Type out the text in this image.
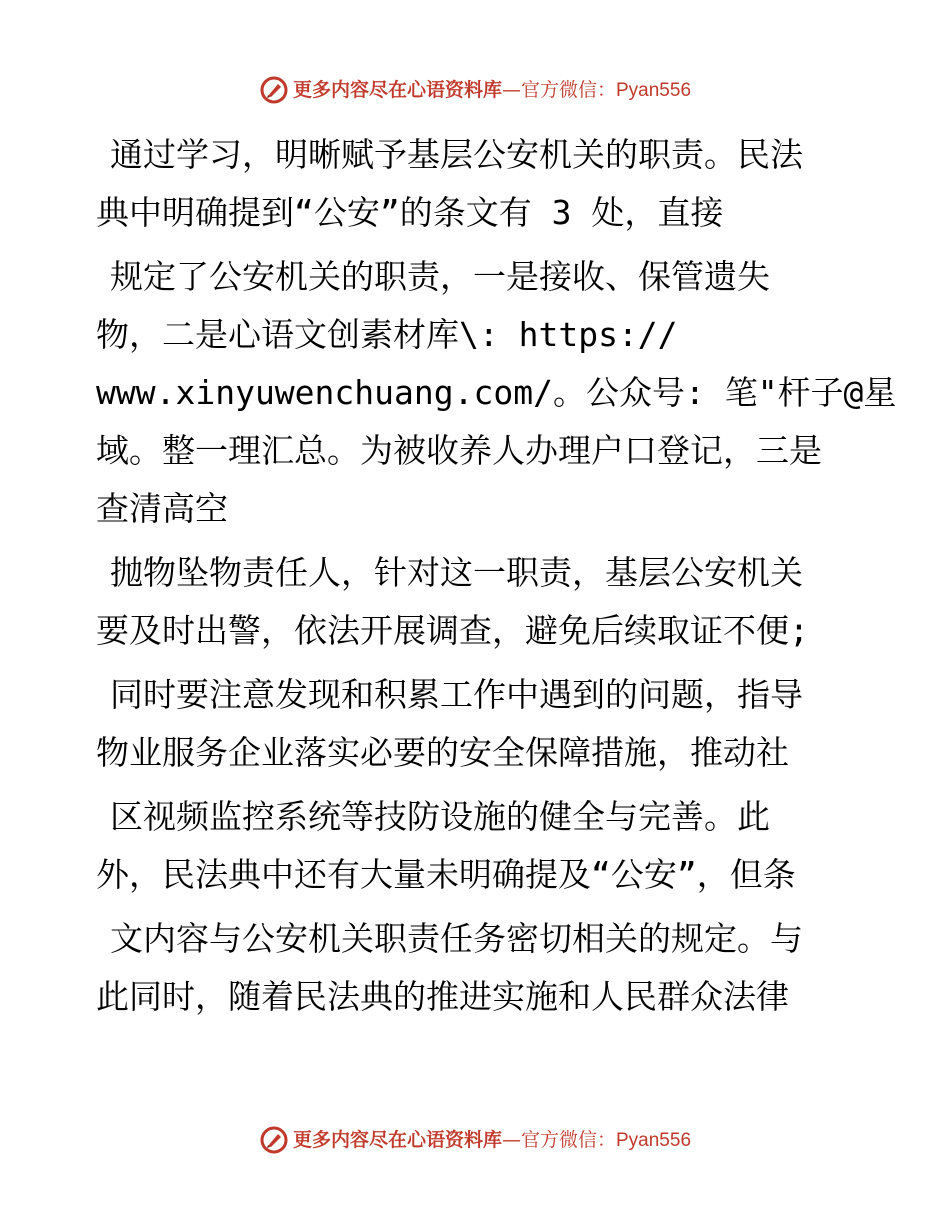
更多内容尽在心语资料库 — 官方微信： Pyan556
通过学习，明晰赋予基层公安机关的职责。民法
典中明确提到“公安”的条文有 3 处，直接
规定了公安机关的职责，一是接收、保管遗失
物，二是心语文创素材库\: https://
www.xinyuwenchuang.com/。公众号: 笔"杆子@星
域。整一理汇总。为被收养人办理户口登记，三是
查清高空
抛物坠物责任人，针对这一职责，基层公安机关
要及时出警，依法开展调查，避免后续取证不便;
同时要注意发现和积累工作中遇到的问题，指导
物业服务企业落实必要的安全保障措施，推动社
区视频监控系统等技防设施的健全与完善。此
外，民法典中还有大量未明确提及“公安”，但条
文内容与公安机关职责任务密切相关的规定。与
此同时，随着民法典的推进实施和人民群众法律
更多内容尽在心语资料库 — 官方微信： Pyan556
